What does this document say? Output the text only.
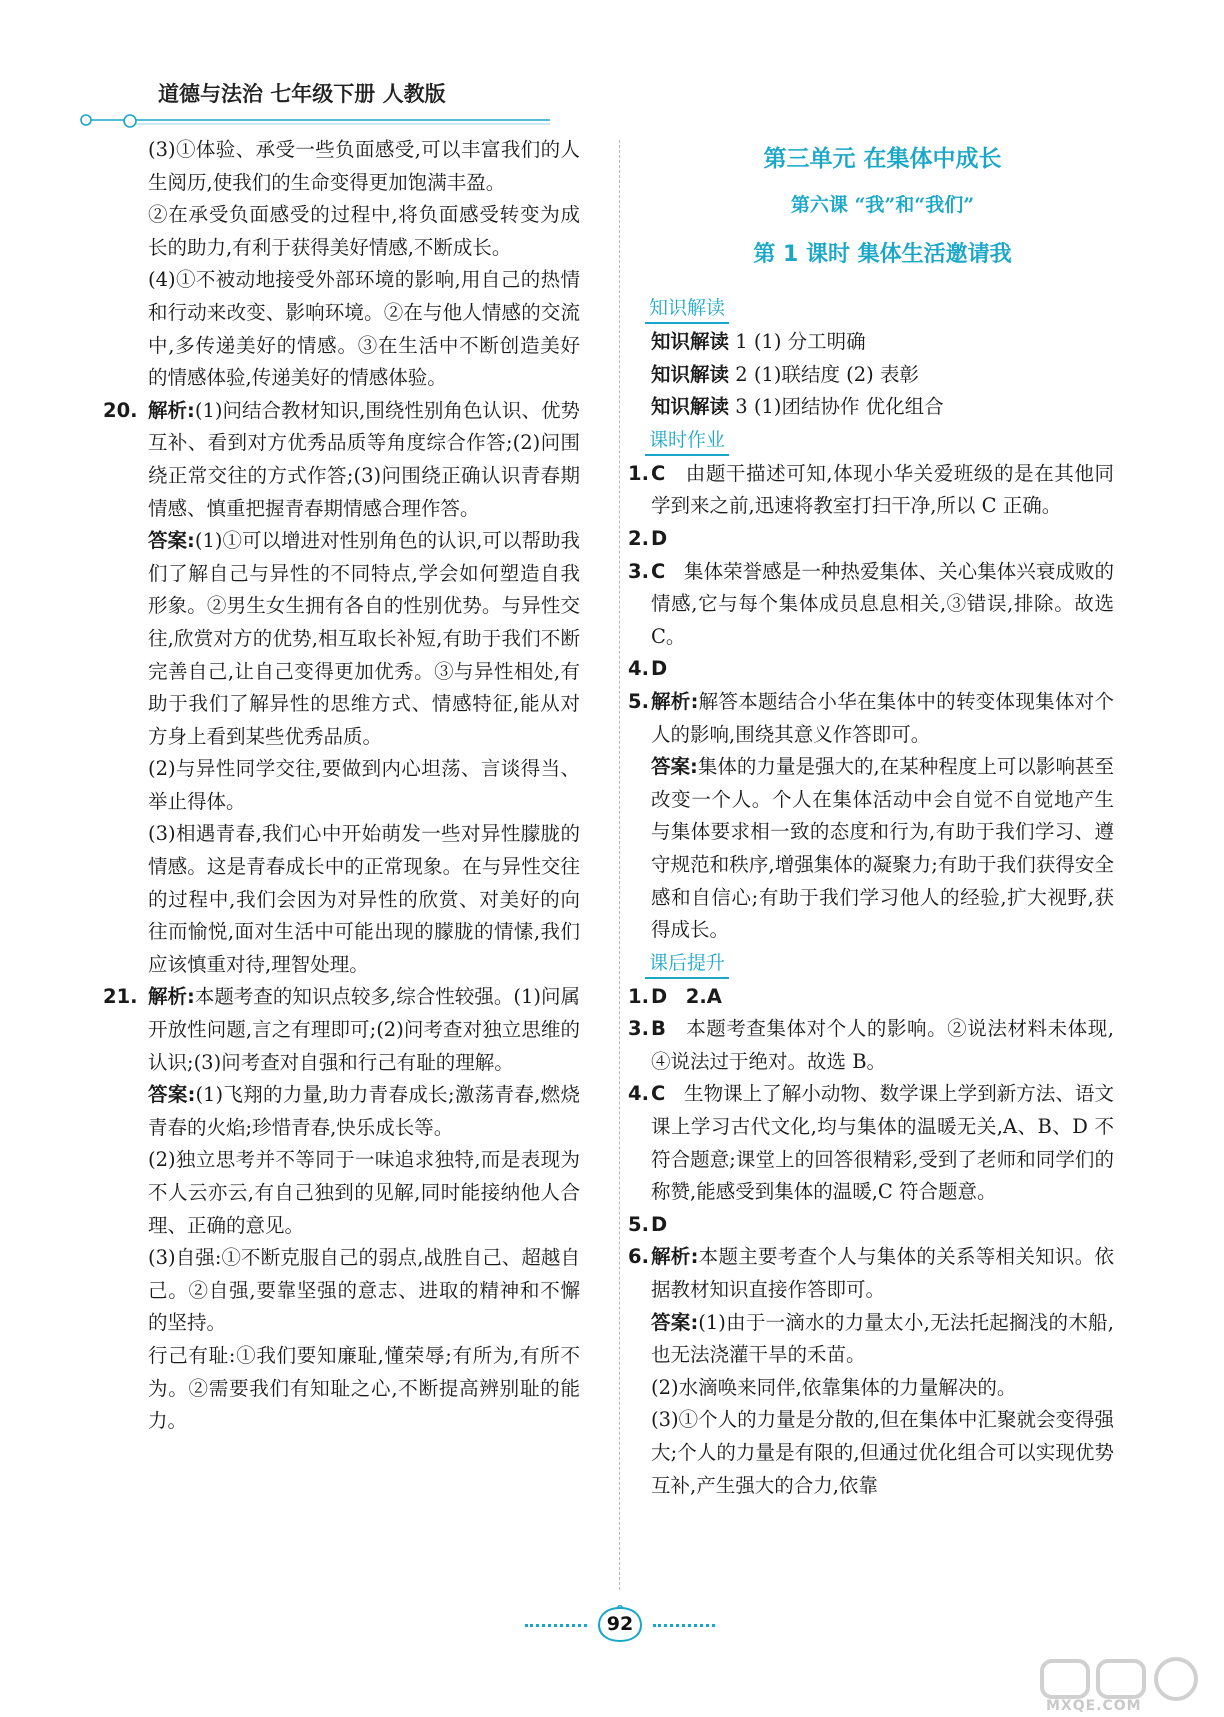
道德与法治 七年级下册 人教版

(3)①体验、承受一些负面感受,可以丰富我们的人生阅历,使我们的生命变得更加饱满丰盈。

②在承受负面感受的过程中,将负面感受转变为成长的助力,有利于获得美好情感,不断成长。

(4)①不被动地接受外部环境的影响,用自己的热情和行动来改变、影响环境。②在与他人情感的交流中,多传递美好的情感。③在生活中不断创造美好的情感体验,传递美好的情感体验。

20. 解析:(1)问结合教材知识,围绕性别角色认识、优势互补、看到对方优秀品质等角度综合作答;(2)问围绕正常交往的方式作答;(3)问围绕正确认识青春期情感、慎重把握青春期情感合理作答。

答案:(1)①可以增进对性别角色的认识,可以帮助我们了解自己与异性的不同特点,学会如何塑造自我形象。②男生女生拥有各自的性别优势。与异性交往,欣赏对方的优势,相互取长补短,有助于我们不断完善自己,让自己变得更加优秀。③与异性相处,有助于我们了解异性的思维方式、情感特征,能从对方身上看到某些优秀品质。

(2)与异性同学交往,要做到内心坦荡、言谈得当、举止得体。

(3)相遇青春,我们心中开始萌发一些对异性朦胧的情感。这是青春成长中的正常现象。在与异性交往的过程中,我们会因为对异性的欣赏、对美好的向往而愉悦,面对生活中可能出现的朦胧的情愫,我们应该慎重对待,理智处理。

21. 解析:本题考查的知识点较多,综合性较强。(1)问属开放性问题,言之有理即可;(2)问考查对独立思维的认识;(3)问考查对自强和行己有耻的理解。

答案:(1)飞翔的力量,助力青春成长;激荡青春,燃烧青春的火焰;珍惜青春,快乐成长等。

(2)独立思考并不等同于一味追求独特,而是表现为不人云亦云,有自己独到的见解,同时能接纳他人合理、正确的意见。

(3)自强:①不断克服自己的弱点,战胜自己、超越自己。②自强,要靠坚强的意志、进取的精神和不懈的坚持。

行己有耻:①我们要知廉耻,懂荣辱;有所为,有所不为。②需要我们有知耻之心,不断提高辨别耻的能力。

第三单元 在集体中成长
第六课 “我”和“我们”
第 1 课时 集体生活邀请我
知识解读

知识解读 1 (1) 分工明确

知识解读 2 (1)联结度 (2) 表彰

知识解读 3 (1)团结协作 优化组合

课时作业
1. C 由题干描述可知,体现小华关爱班级的是在其他同学到来之前,迅速将教室打扫干净,所以 C 正确。

2. D

3. C 集体荣誉感是一种热爱集体、关心集体兴衰成败的情感,它与每个集体成员息息相关,③错误,排除。故选 C。

4. D

5. 解析:解答本题结合小华在集体中的转变体现集体对个人的影响,围绕其意义作答即可。

答案:集体的力量是强大的,在某种程度上可以影响甚至改变一个人。个人在集体活动中会自觉不自觉地产生与集体要求相一致的态度和行为,有助于我们学习、遵守规范和秩序,增强集体的凝聚力;有助于我们获得安全感和自信心;有助于我们学习他人的经验,扩大视野,获得成长。

课后提升
1. D 2.A

3. B 本题考查集体对个人的影响。②说法材料未体现,④说法过于绝对。故选 B。

4. C 生物课上了解小动物、数学课上学到新方法、语文课上学习古代文化,均与集体的温暖无关,A、B、D 不符合题意;课堂上的回答很精彩,受到了老师和同学们的称赞,能感受到集体的温暖,C 符合题意。

5. D

6. 解析:本题主要考查个人与集体的关系等相关知识。依据教材知识直接作答即可。

答案:(1)由于一滴水的力量太小,无法托起搁浅的木船,也无法浇灌干旱的禾苗。

(2)水滴唤来同伴,依靠集体的力量解决的。

(3)①个人的力量是分散的,但在集体中汇聚就会变得强大;个人的力量是有限的,但通过优化组合可以实现优势互补,产生强大的合力,依靠

92
MXQE.COM
